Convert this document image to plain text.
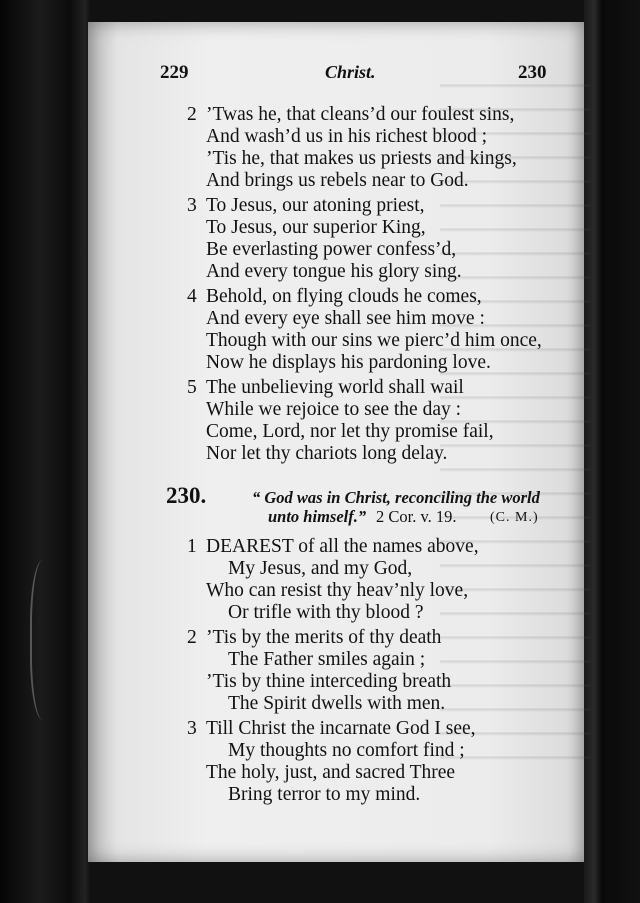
229	Christ.	230
2 ’Twas he, that cleans’d our foulest sins,
And wash’d us in his richest blood ;
’Tis he, that makes us priests and kings,
And brings us rebels near to God.
3 To Jesus, our atoning priest,
To Jesus, our superior King,
Be everlasting power confess’d,
And every tongue his glory sing.
4 Behold, on flying clouds he comes,
And every eye shall see him move :
Though with our sins we pierc’d him once,
Now he displays his pardoning love.
5 The unbelieving world shall wail
While we rejoice to see the day :
Come, Lord, nor let thy promise fail,
Nor let thy chariots long delay.
230.	“ God was in Christ, reconciling the world
unto himself.” 2 Cor. v. 19. (C. M.)
1 DEAREST of all the names above,
My Jesus, and my God,
Who can resist thy heav’nly love,
Or trifle with thy blood ?
2 ’Tis by the merits of thy death
The Father smiles again ;
’Tis by thine interceding breath
The Spirit dwells with men.
3 Till Christ the incarnate God I see,
My thoughts no comfort find ;
The holy, just, and sacred Three
Bring terror to my mind.
